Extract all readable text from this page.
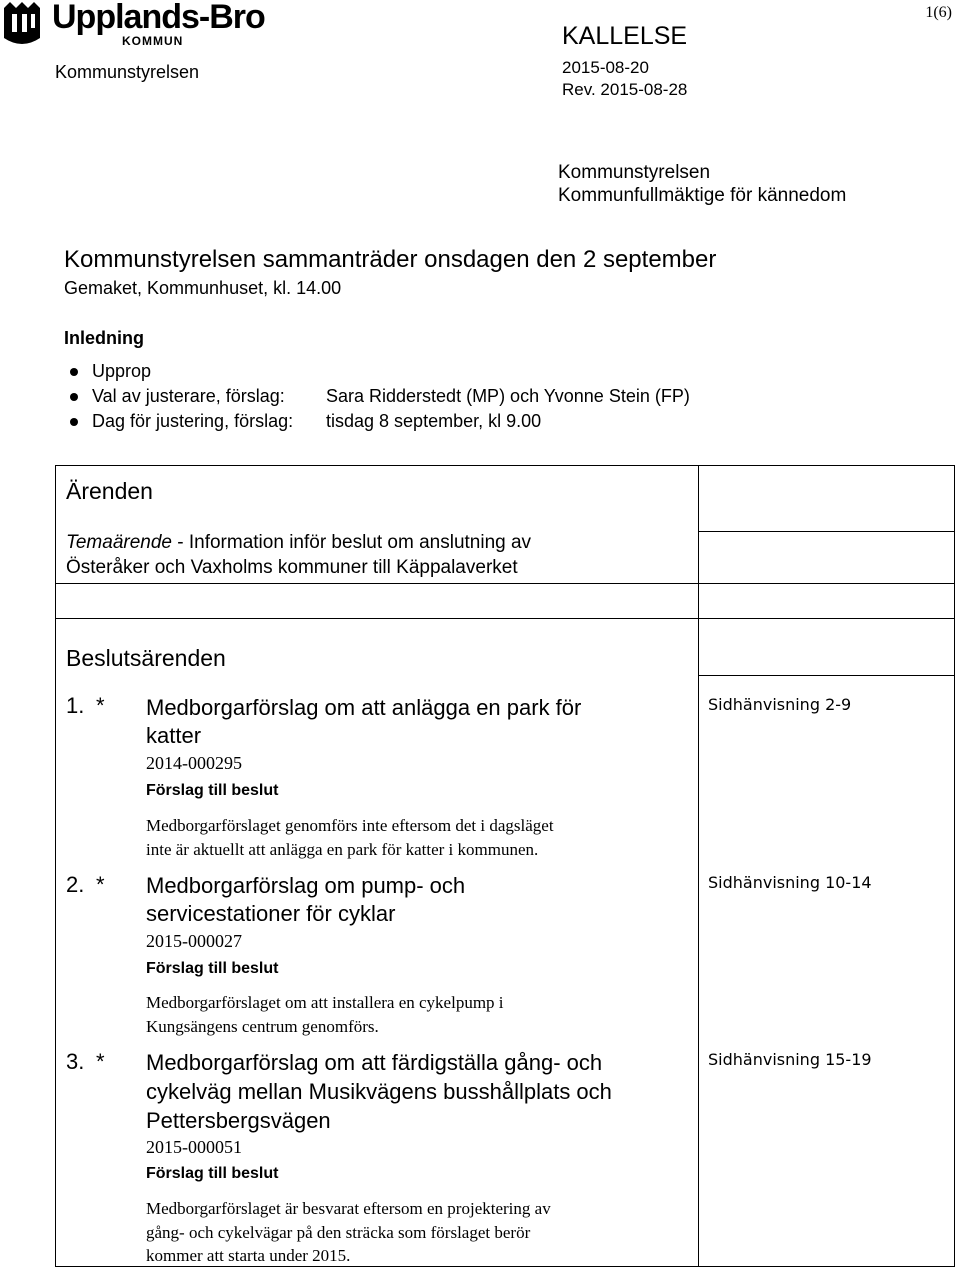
Upplands-Bro
KOMMUN
1(6)
KALLELSE
Kommunstyrelsen	2015-08-20
Rev. 2015-08-28
Kommunstyrelsen
Kommunfullmäktige för kännedom
Kommunstyrelsen sammanträder onsdagen den 2 september
Gemaket, Kommunhuset, kl. 14.00
Inledning
Upprop
Val av justerare, förslag: Sara Ridderstedt (MP) och Yvonne Stein (FP)
Dag för justering, förslag: tisdag 8 september, kl 9.00
Ärenden
Temaärende - Information inför beslut om anslutning av
Österåker och Vaxholms kommuner till Käppalaverket
Beslutsärenden
1. * Medborgarförslag om att anlägga en park för
katter
2014-000295
Förslag till beslut
Medborgarförslaget genomförs inte eftersom det i dagsläget
inte är aktuellt att anlägga en park för katter i kommunen.
Sidhänvisning 2-9
2. * Medborgarförslag om pump- och
servicestationer för cyklar
2015-000027
Förslag till beslut
Medborgarförslaget om att installera en cykelpump i
Kungsängens centrum genomförs.
Sidhänvisning 10-14
3. * Medborgarförslag om att färdigställa gång- och
cykelväg mellan Musikvägens busshållplats och
Pettersbergsvägen
2015-000051
Förslag till beslut
Medborgarförslaget är besvarat eftersom en projektering av
gång- och cykelvägar på den sträcka som förslaget berör
kommer att starta under 2015.
Sidhänvisning 15-19
